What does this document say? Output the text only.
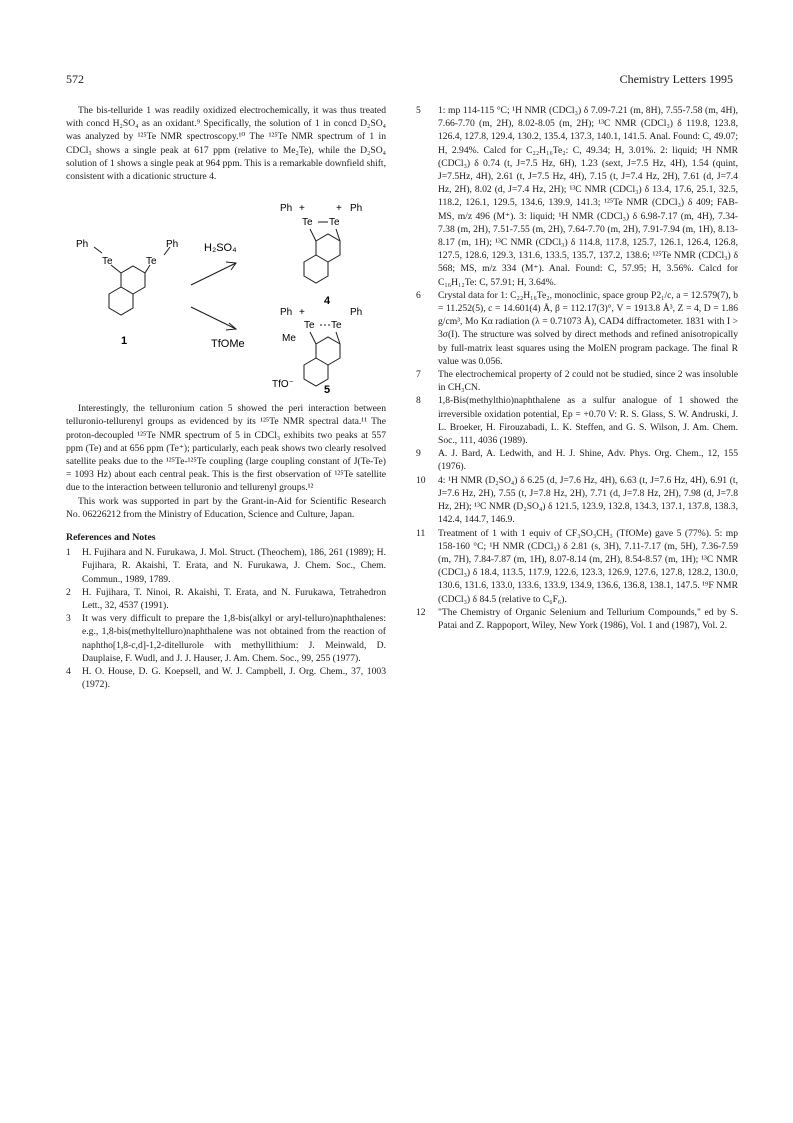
572	Chemistry Letters 1995

The bis-telluride 1 was readily oxidized electrochemically, it was thus treated with concd H₂SO₄ as an oxidant.⁹ Specifically, the solution of 1 in concd D₂SO₄ was analyzed by ¹²⁵Te NMR spectroscopy.¹⁰ The ¹²⁵Te NMR spectrum of 1 in CDCl₃ shows a single peak at 617 ppm (relative to Me₂Te), while the D₂SO₄ solution of 1 shows a single peak at 964 ppm. This is a remarkable downfield shift, consistent with a dicationic structure 4.

Ph
Te	Te
Ph
1
H₂SO₄
TfOMe
Ph +
Te Te
+ Ph
4
Ph +
Te Te
Ph
Me
TfO⁻	5

Interestingly, the telluronium cation 5 showed the peri interaction between telluronio-tellurenyl groups as evidenced by its ¹²⁵Te NMR spectral data.¹¹ The proton-decoupled ¹²⁵Te NMR spectrum of 5 in CDCl₃ exhibits two peaks at 557 ppm (Te) and at 656 ppm (Te⁺); particularly, each peak shows two clearly resolved satellite peaks due to the ¹²⁵Te-¹²⁵Te coupling (large coupling constant of J(Te-Te) = 1093 Hz) about each central peak. This is the first observation of ¹²⁵Te satellite due to the interaction between telluronio and tellurenyl groups.¹²

This work was supported in part by the Grant-in-Aid for Scientific Research No. 06226212 from the Ministry of Education, Science and Culture, Japan.

References and Notes
1	H. Fujihara and N. Furukawa, J. Mol. Struct. (Theochem), 186, 261 (1989); H. Fujihara, R. Akaishi, T. Erata, and N. Furukawa, J. Chem. Soc., Chem. Commun., 1989, 1789.
2	H. Fujihara, T. Ninoi, R. Akaishi, T. Erata, and N. Furukawa, Tetrahedron Lett., 32, 4537 (1991).
3	It was very difficult to prepare the 1,8-bis(alkyl or aryl-telluro)naphthalenes: e.g., 1,8-bis(methyltelluro)naphthalene was not obtained from the reaction of naphtho[1,8-c,d]-1,2-ditellurole with methyllithium: J. Meinwald, D. Dauplaise, F. Wudl, and J. J. Hauser, J. Am. Chem. Soc., 99, 255 (1977).
4	H. O. House, D. G. Koepsell, and W. J. Campbell, J. Org. Chem., 37, 1003 (1972).
5	1: mp 114-115 °C; ¹H NMR (CDCl₃) δ 7.09-7.21 (m, 8H), 7.55-7.58 (m, 4H), 7.66-7.70 (m, 2H), 8.02-8.05 (m, 2H); ¹³C NMR (CDCl₃) δ 119.8, 123.8, 126.4, 127.8, 129.4, 130.2, 135.4, 137.3, 140.1, 141.5. Anal. Found: C, 49.07; H, 2.94%. Calcd for C₂₂H₁₆Te₂: C, 49.34; H, 3.01%. 2: liquid; ¹H NMR (CDCl₃) δ 0.74 (t, J=7.5 Hz, 6H), 1.23 (sext, J=7.5 Hz, 4H), 1.54 (quint, J=7.5Hz, 4H), 2.61 (t, J=7.5 Hz, 4H), 7.15 (t, J=7.4 Hz, 2H), 7.61 (d, J=7.4 Hz, 2H), 8.02 (d, J=7.4 Hz, 2H); ¹³C NMR (CDCl₃) δ 13.4, 17.6, 25.1, 32.5, 118.2, 126.1, 129.5, 134.6, 139.9, 141.3; ¹²⁵Te NMR (CDCl₃) δ 409; FAB-MS, m/z 496 (M⁺). 3: liquid; ¹H NMR (CDCl₃) δ 6.98-7.17 (m, 4H), 7.34-7.38 (m, 2H), 7.51-7.55 (m, 2H), 7.64-7.70 (m, 2H), 7.91-7.94 (m, 1H), 8.13-8.17 (m, 1H); ¹³C NMR (CDCl₃) δ 114.8, 117.8, 125.7, 126.1, 126.4, 126.8, 127.5, 128.6, 129.3, 131.6, 133.5, 135.7, 137.2, 138.6; ¹²⁵Te NMR (CDCl₃) δ 568; MS, m/z 334 (M⁺). Anal. Found: C, 57.95; H, 3.56%. Calcd for C₁₆H₁₂Te: C, 57.91; H, 3.64%.
6	Crystal data for 1: C₂₂H₁₆Te₂, monoclinic, space group P2₁/c, a = 12.579(7), b = 11.252(5), c = 14.601(4) Å, β = 112.17(3)°, V = 1913.8 Å³, Z = 4, D = 1.86 g/cm³, Mo Kα radiation (λ = 0.71073 Å), CAD4 diffractometer. 1831 with I > 3σ(I). The structure was solved by direct methods and refined anisotropically by full-matrix least squares using the MolEN program package. The final R value was 0.056.
7	The electrochemical property of 2 could not be studied, since 2 was insoluble in CH₃CN.
8	1,8-Bis(methylthio)naphthalene as a sulfur analogue of 1 showed the irreversible oxidation potential, Ep = +0.70 V: R. S. Glass, S. W. Andruski, J. L. Broeker, H. Firouzabadi, L. K. Steffen, and G. S. Wilson, J. Am. Chem. Soc., 111, 4036 (1989).
9	A. J. Bard, A. Ledwith, and H. J. Shine, Adv. Phys. Org. Chem., 12, 155 (1976).
10	4: ¹H NMR (D₂SO₄) δ 6.25 (d, J=7.6 Hz, 4H), 6.63 (t, J=7.6 Hz, 4H), 6.91 (t, J=7.6 Hz, 2H), 7.55 (t, J=7.8 Hz, 2H), 7.71 (d, J=7.8 Hz, 2H), 7.98 (d, J=7.8 Hz, 2H); ¹³C NMR (D₂SO₄) δ 121.5, 123.9, 132.8, 134.3, 137.1, 137.8, 138.3, 142.4, 144.7, 146.9.
11	Treatment of 1 with 1 equiv of CF₃SO₃CH₃ (TfOMe) gave 5 (77%). 5: mp 158-160 °C; ¹H NMR (CDCl₃) δ 2.81 (s, 3H), 7.11-7.17 (m, 5H), 7.36-7.59 (m, 7H), 7.84-7.87 (m, 1H), 8.07-8.14 (m, 2H), 8.54-8.57 (m, 1H); ¹³C NMR (CDCl₃) δ 18.4, 113.5, 117.9, 122.6, 123.3, 126.9, 127.6, 127.8, 128.2, 130.0, 130.6, 131.6, 133.0, 133.6, 133.9, 134.9, 136.6, 136.8, 138.1, 147.5. ¹⁹F NMR (CDCl₃) δ 84.5 (relative to C₆F₆).
12	"The Chemistry of Organic Selenium and Tellurium Compounds," ed by S. Patai and Z. Rappoport, Wiley, New York (1986), Vol. 1 and (1987), Vol. 2.
